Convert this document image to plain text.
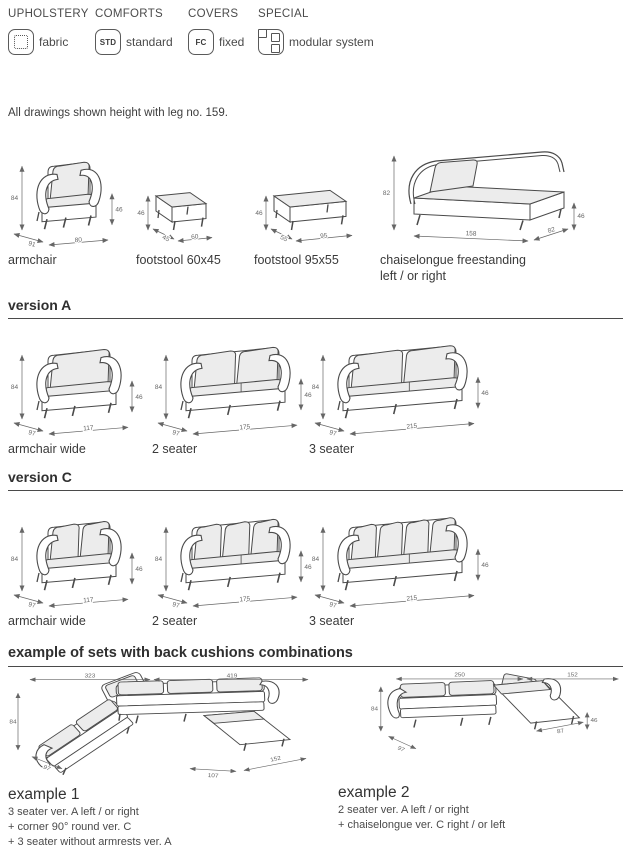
UPHOLSTERY
fabric
COMFORTS
STD standard
COVERS
FC fixed
SPECIAL
modular system
All drawings shown height with leg no. 159.
84
46
91	80
armchair
46
45	60
footstool 60x45
46
55	95
footstool 95x55
82
46
158	82
chaiselongue freestanding left / or right
version A
84
46
97
117
armchair wide
84
46
97
175
2 seater
84
46
97
215
3 seater
version C
84
46
97
117
armchair wide
84
46
97
175
2 seater
84
46
97
215
3 seater
example of sets with back cushions combinations
323	419
84
97
107
152
example 1
3 seater ver. A left / or right
+ corner 90° round ver. C
+ 3 seater without armrests ver. A
250	152
84
97
46
87
example 2
2 seater ver. A left / or right
+ chaiselongue ver. C right / or left
